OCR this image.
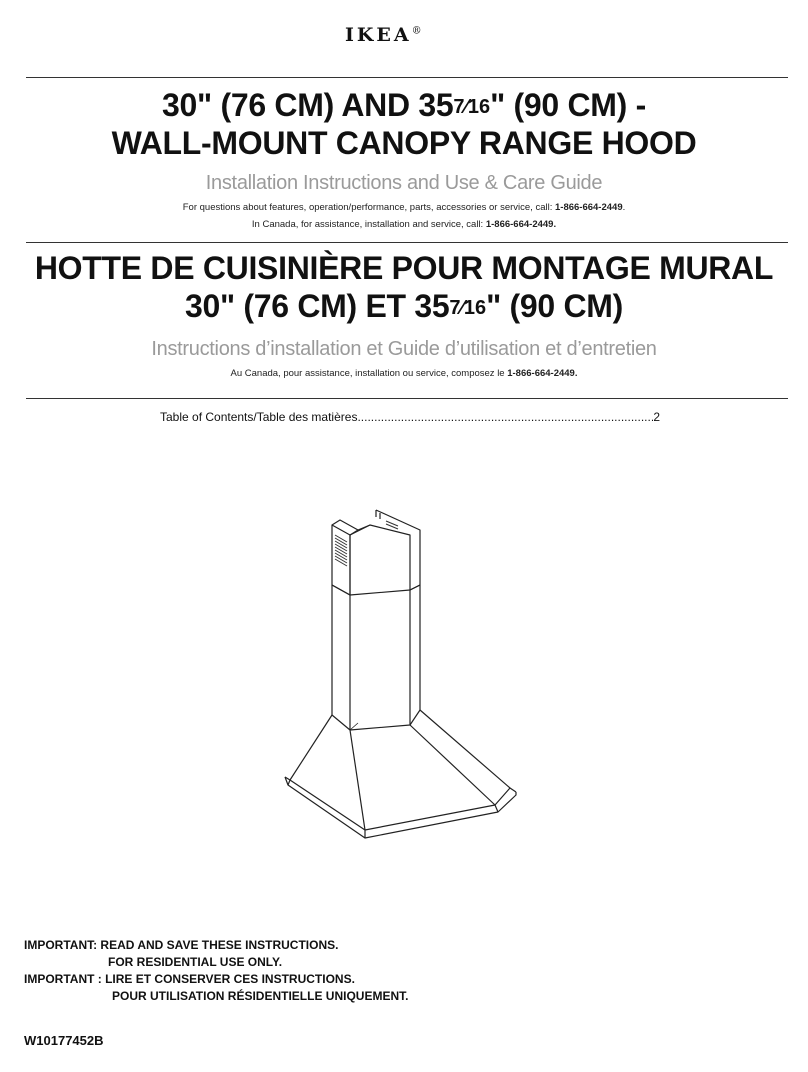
IKEA®
30" (76 CM) AND 357⁄16" (90 CM) -
WALL-MOUNT CANOPY RANGE HOOD
Installation Instructions and Use & Care Guide
For questions about features, operation/performance, parts, accessories or service, call: 1-866-664-2449.
In Canada, for assistance, installation and service, call: 1-866-664-2449.
HOTTE DE CUISINIÈRE POUR MONTAGE MURAL
30" (76 CM) ET 357⁄16" (90 CM)
Instructions d’installation et Guide d’utilisation et d’entretien
Au Canada, pour assistance, installation ou service, composez le 1-866-664-2449.
Table of Contents/Table des matières
.....	2
IMPORTANT: READ AND SAVE THESE INSTRUCTIONS.
FOR RESIDENTIAL USE ONLY.
IMPORTANT : LIRE ET CONSERVER CES INSTRUCTIONS.
POUR UTILISATION RÉSIDENTIELLE UNIQUEMENT.
W10177452B
